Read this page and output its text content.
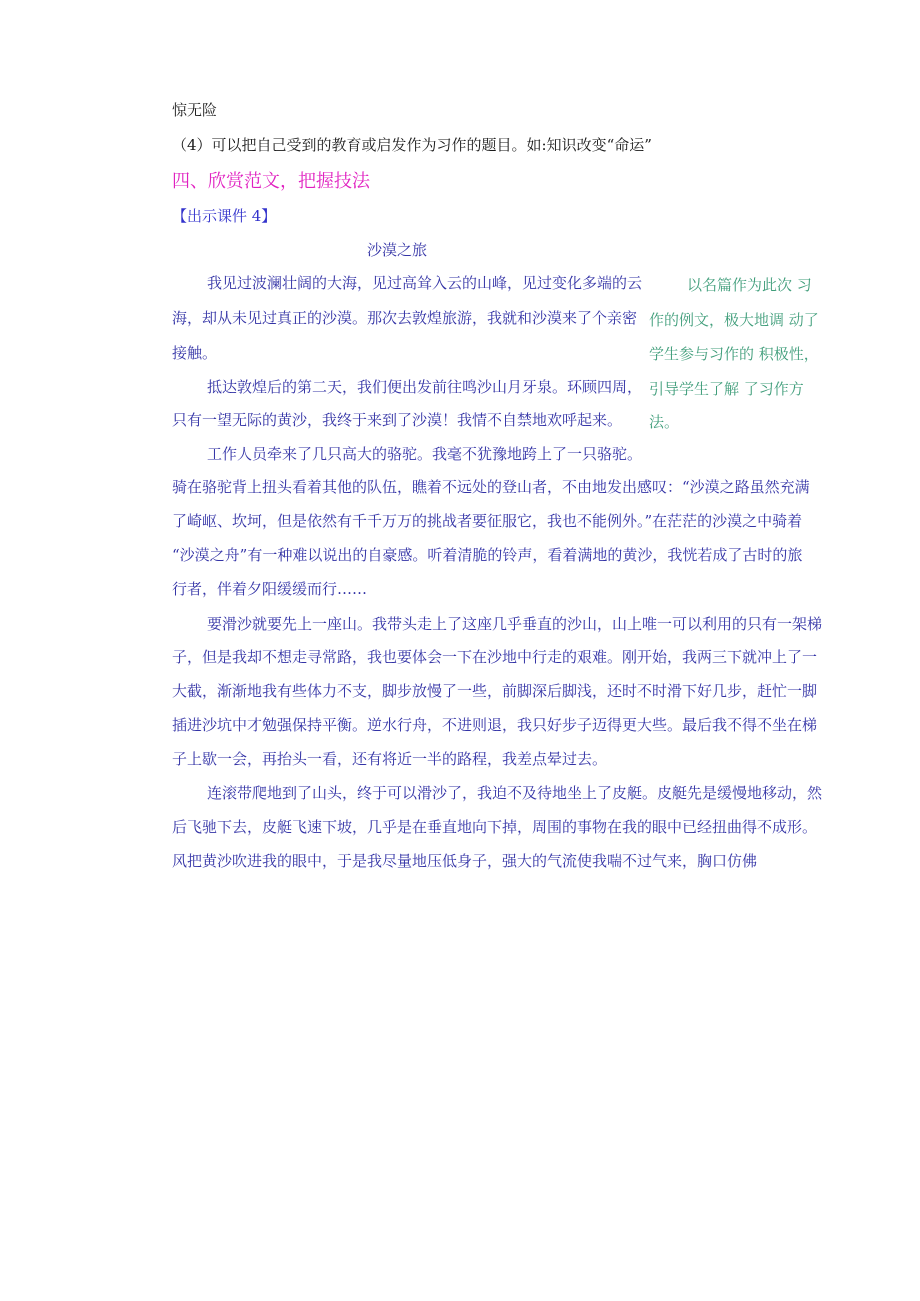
惊无险
（4）可以把自己受到的教育或启发作为习作的题目。如:知识改变“命运”
四、欣赏范文，把握技法
【出示课件 4】
沙漠之旅
我见过波澜壮阔的大海，见过高耸入云的山峰，见过变化多端的云
海，却从未见过真正的沙漠。那次去敦煌旅游，我就和沙漠来了个亲密
接触。
抵达敦煌后的第二天，我们便出发前往鸣沙山月牙泉。环顾四周，
只有一望无际的黄沙，我终于来到了沙漠！我情不自禁地欢呼起来。
工作人员牵来了几只高大的骆驼。我毫不犹豫地跨上了一只骆驼。
骑在骆驼背上扭头看着其他的队伍，瞧着不远处的登山者，不由地发出感叹：“沙漠之路虽然充满
了崎岖、坎坷，但是依然有千千万万的挑战者要征服它，我也不能例外。”在茫茫的沙漠之中骑着
“沙漠之舟”有一种难以说出的自豪感。听着清脆的铃声，看着满地的黄沙，我恍若成了古时的旅
行者，伴着夕阳缓缓而行……
要滑沙就要先上一座山。我带头走上了这座几乎垂直的沙山，山上唯一可以利用的只有一架梯
子，但是我却不想走寻常路，我也要体会一下在沙地中行走的艰难。刚开始，我两三下就冲上了一
大截，渐渐地我有些体力不支，脚步放慢了一些，前脚深后脚浅，还时不时滑下好几步，赶忙一脚
插进沙坑中才勉强保持平衡。逆水行舟，不进则退，我只好步子迈得更大些。最后我不得不坐在梯
子上歇一会，再抬头一看，还有将近一半的路程，我差点晕过去。
连滚带爬地到了山头，终于可以滑沙了，我迫不及待地坐上了皮艇。皮艇先是缓慢地移动，然
后飞驰下去，皮艇飞速下坡，几乎是在垂直地向下掉，周围的事物在我的眼中已经扭曲得不成形。
风把黄沙吹进我的眼中，于是我尽量地压低身子，强大的气流使我喘不过气来，胸口仿佛
以名篇作为此次 习
作的例文，极大地调 动了
学生参与习作的 积极性，
引导学生了解 了习作方
法。
